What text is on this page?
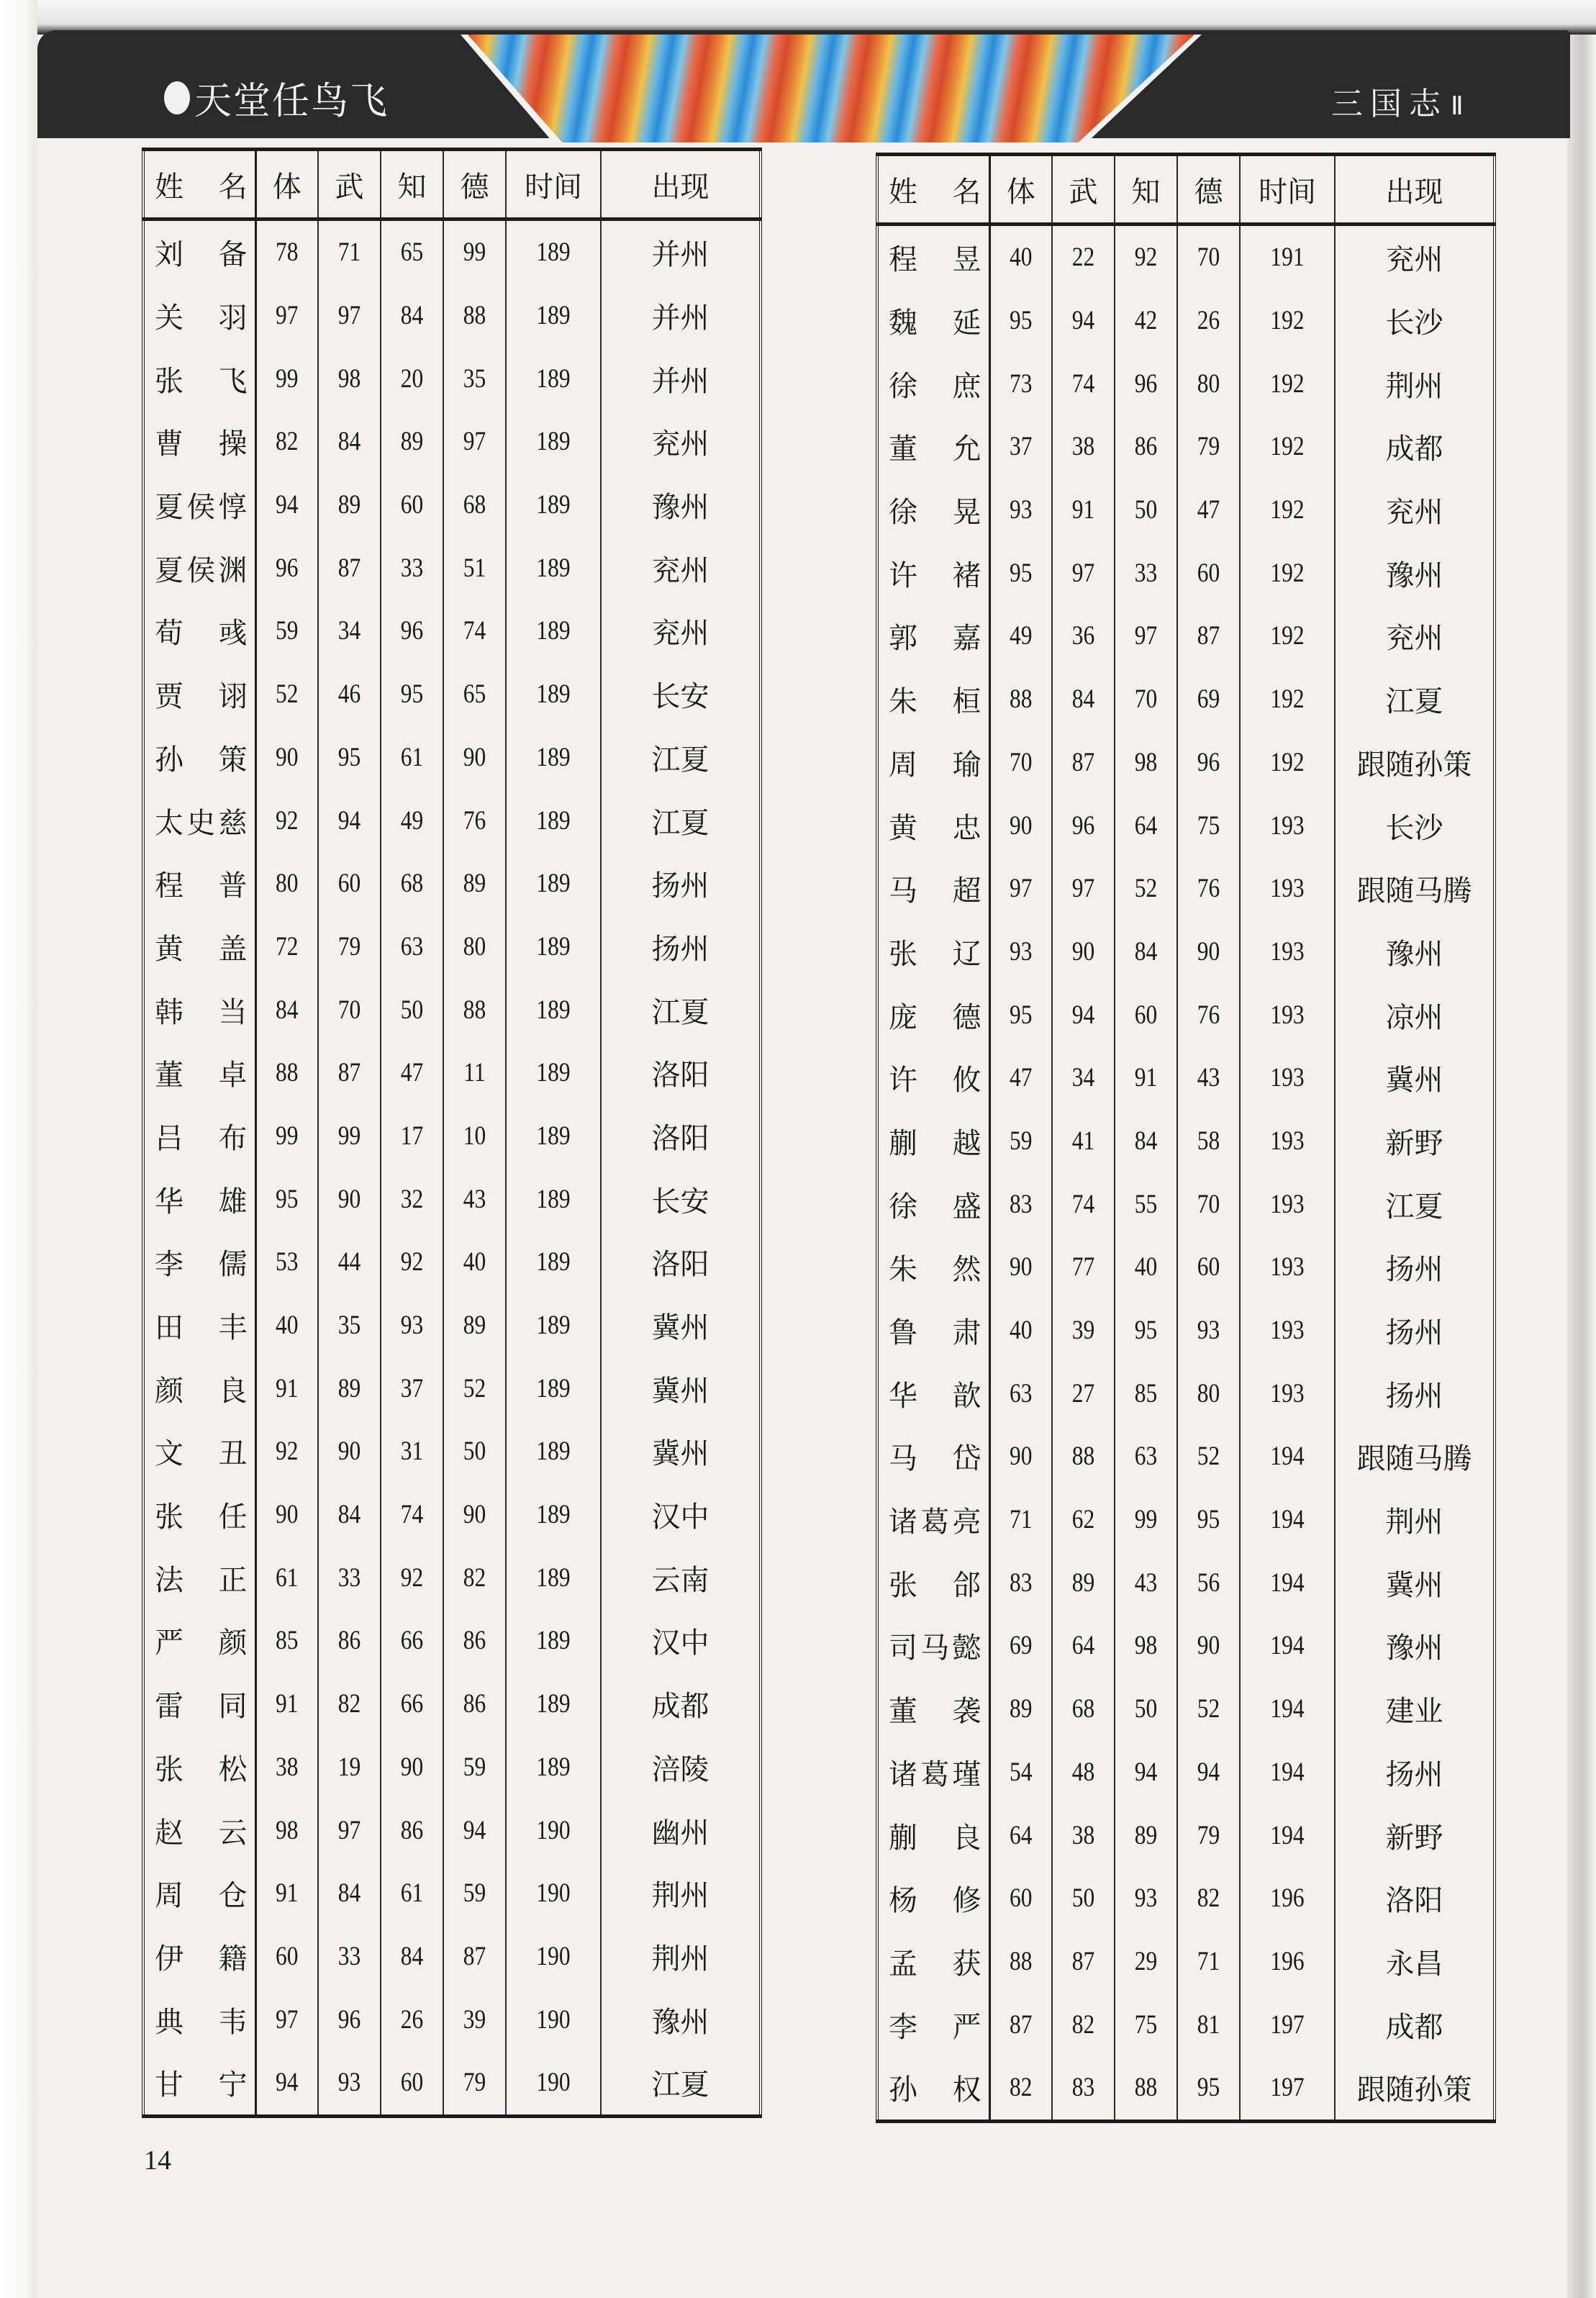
天堂任鸟飞	三国志 Ⅱ
姓　名	体	武	知	德	时间	出现
刘　备	78	71	65	99	189	并州
关　羽	97	97	84	88	189	并州
张　飞	99	98	20	35	189	并州
曹　操	82	84	89	97	189	兖州
夏侯惇	94	89	60	68	189	豫州
夏侯渊	96	87	33	51	189	兖州
荀　彧	59	34	96	74	189	兖州
贾　诩	52	46	95	65	189	长安
孙　策	90	95	61	90	189	江夏
太史慈	92	94	49	76	189	江夏
程　普	80	60	68	89	189	扬州
黄　盖	72	79	63	80	189	扬州
韩　当	84	70	50	88	189	江夏
董　卓	88	87	47	11	189	洛阳
吕　布	99	99	17	10	189	洛阳
华　雄	95	90	32	43	189	长安
李　儒	53	44	92	40	189	洛阳
田　丰	40	35	93	89	189	冀州
颜　良	91	89	37	52	189	冀州
文　丑	92	90	31	50	189	冀州
张　任	90	84	74	90	189	汉中
法　正	61	33	92	82	189	云南
严　颜	85	86	66	86	189	汉中
雷　同	91	82	66	86	189	成都
张　松	38	19	90	59	189	涪陵
赵　云	98	97	86	94	190	幽州
周　仓	91	84	61	59	190	荆州
伊　籍	60	33	84	87	190	荆州
典　韦	97	96	26	39	190	豫州
甘　宁	94	93	60	79	190	江夏
姓　名	体	武	知	德	时间	出现
程　昱	40	22	92	70	191	兖州
魏　延	95	94	42	26	192	长沙
徐　庶	73	74	96	80	192	荆州
董　允	37	38	86	79	192	成都
徐　晃	93	91	50	47	192	兖州
许　褚	95	97	33	60	192	豫州
郭　嘉	49	36	97	87	192	兖州
朱　桓	88	84	70	69	192	江夏
周　瑜	70	87	98	96	192	跟随孙策
黄　忠	90	96	64	75	193	长沙
马　超	97	97	52	76	193	跟随马腾
张　辽	93	90	84	90	193	豫州
庞　德	95	94	60	76	193	凉州
许　攸	47	34	91	43	193	冀州
蒯　越	59	41	84	58	193	新野
徐　盛	83	74	55	70	193	江夏
朱　然	90	77	40	60	193	扬州
鲁　肃	40	39	95	93	193	扬州
华　歆	63	27	85	80	193	扬州
马　岱	90	88	63	52	194	跟随马腾
诸葛亮	71	62	99	95	194	荆州
张　郃	83	89	43	56	194	冀州
司马懿	69	64	98	90	194	豫州
董　袭	89	68	50	52	194	建业
诸葛瑾	54	48	94	94	194	扬州
蒯　良	64	38	89	79	194	新野
杨　修	60	50	93	82	196	洛阳
孟　获	88	87	29	71	196	永昌
李　严	87	82	75	81	197	成都
孙　权	82	83	88	95	197	跟随孙策
14
